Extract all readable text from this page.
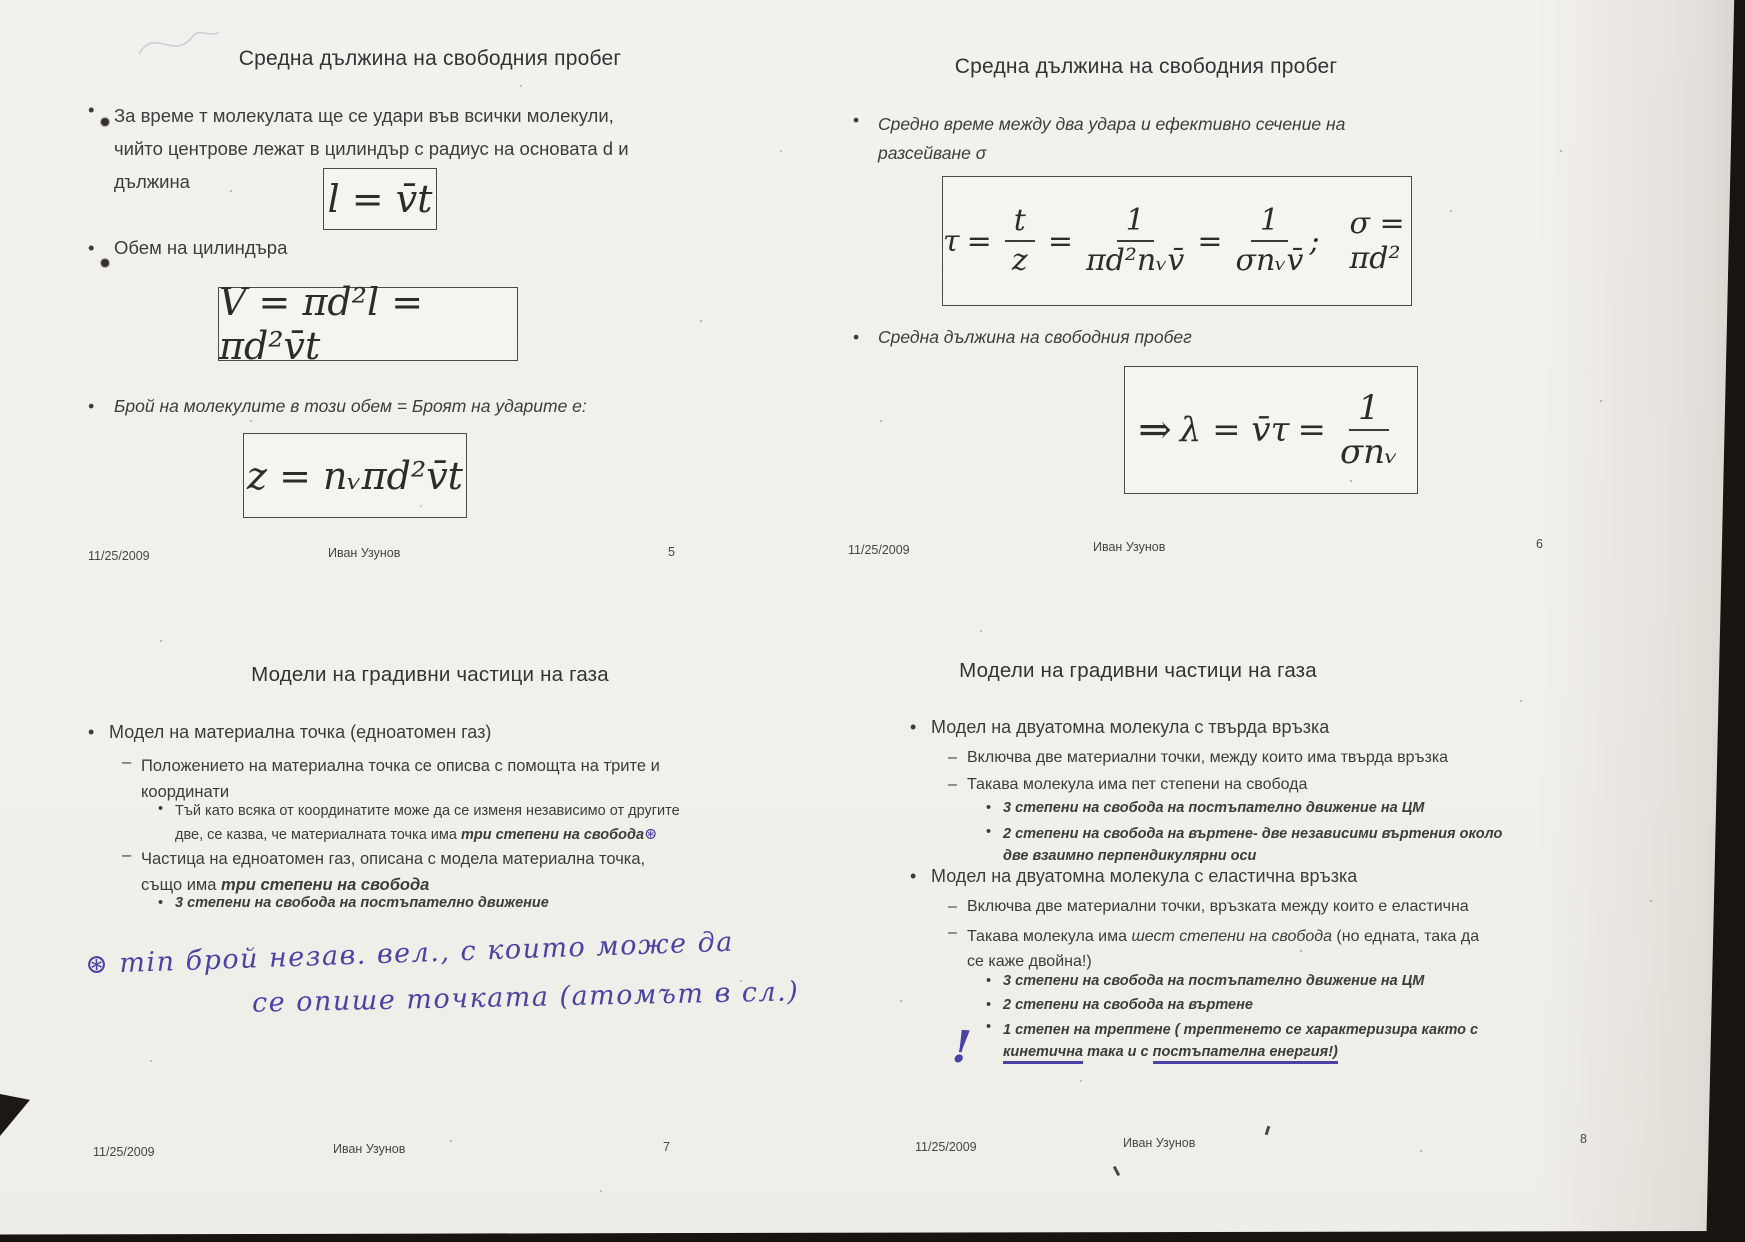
Средна дължина на свободния пробег
•	За време т молекулата ще се удари във всички молекули,
чийто центрове лежат в цилиндър с радиус на основата d и
дължина	l = v̄t
•	Обем на цилиндъра
V = πd²l = πd²v̄t
•	Брой на молекулите в този обем = Броят на ударите е:
z = nᵥπd²v̄t
11/25/2009	Иван Узунов	5
Средна дължина на свободния пробег
•	Средно време между два удара и ефективно сечение на
разсейване σ
$\tau = \frac{t}{z} = \frac{1}{\text{πd²nᵥv̄}} = \frac{1}{\text{σnᵥv̄}}$ ; σ = πd²
•	Средна дължина на свободния пробег
⇒ λ = v̄τ = $\frac{1}{\text{σnᵥ}}$
11/25/2009	Иван Узунов	6
Модели на градивни частици на газа
• Модел на материална точка (едноатомен газ)
– Положението на материална точка се описва с помощта на трите и
координати
• Тъй като всяка от координатите може да се изменя независимо от другите
две, се казва, че материалната точка има три степени на свобода⊛
– Частица на едноатомен газ, описана с модела материална точка,
също има три степени на свобода
• 3 степени на свобода на постъпателно движение
⊛ min брой незав. вел., с които може да
се опише точката (атомът в сл.)
11/25/2009	Иван Узунов	7
Модели на градивни частици на газа
• Модел на двуатомна молекула с твърда връзка
– Включва две материални точки, между които има твърда връзка
– Такава молекула има пет степени на свобода
• 3 степени на свобода на постъпателно движение на ЦМ
• 2 степени на свобода на въртене- две независими въртения около
две взаимно перпендикулярни оси
• Модел на двуатомна молекула с еластична връзка
– Включва две материални точки, връзката между които е еластична
– Такава молекула има шест степени на свобода (но едната, така да
се каже двойна!)
• 3 степени на свобода на постъпателно движение на ЦМ
• 2 степени на свобода на въртене
• 1 степен на трептене ( трептенето се характеризира както с
кинетична така и с постъпателна енергия!)
!
11/25/2009	Иван Узунов	8
